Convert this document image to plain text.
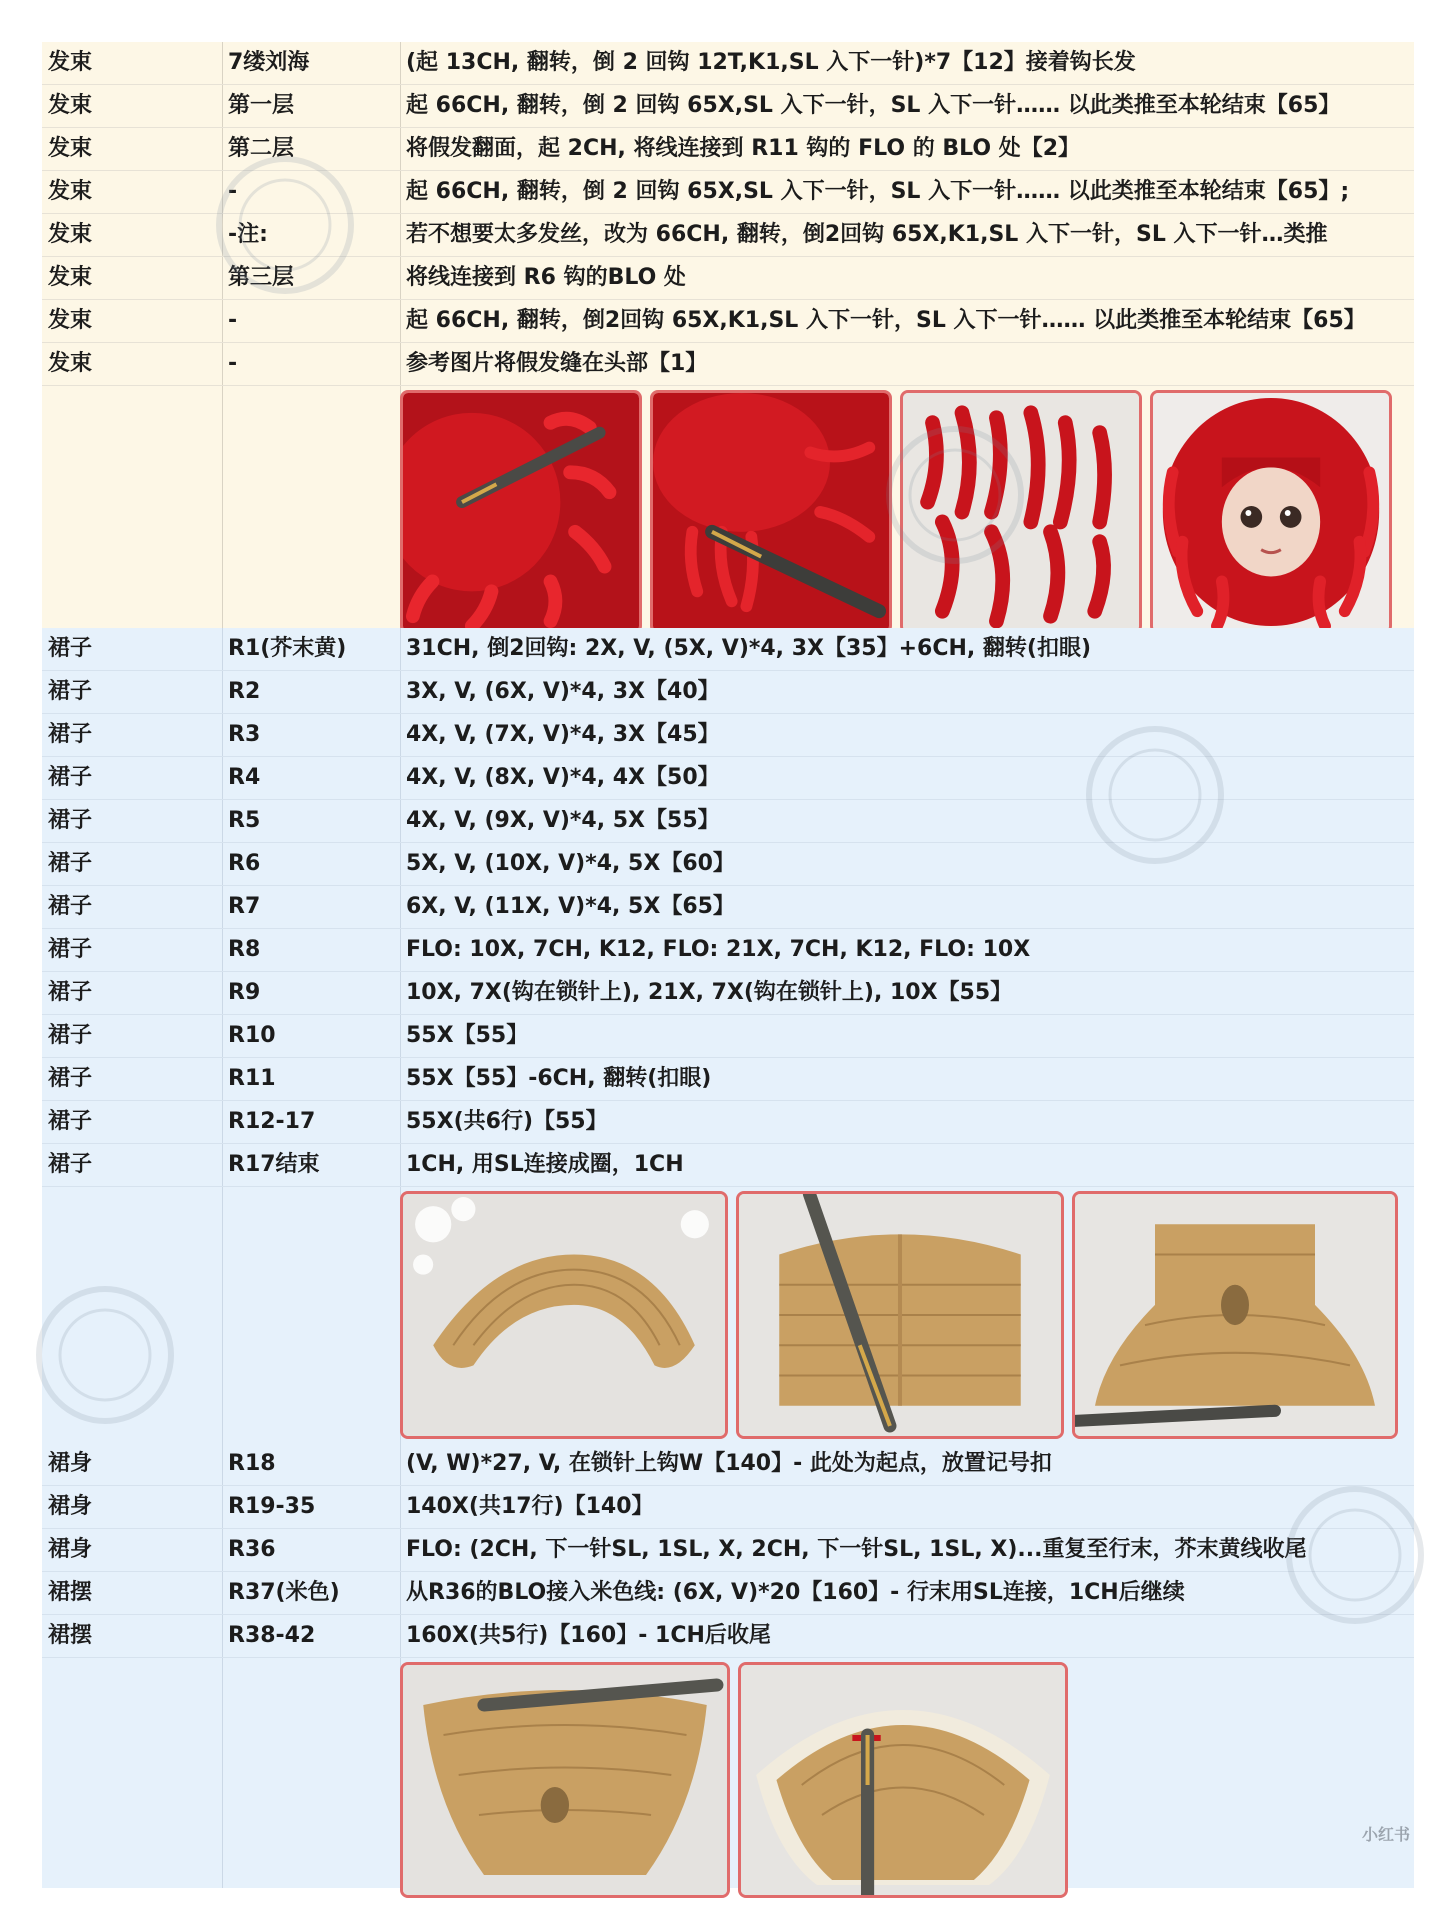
发束	7缕刘海	(起 13CH, 翻转，倒 2 回钩 12T,K1,SL 入下一针)*7【12】接着钩长发
发束	第一层	起 66CH, 翻转，倒 2 回钩 65X,SL 入下一针，SL 入下一针…… 以此类推至本轮结束【65】
发束	第二层	将假发翻面，起 2CH, 将线连接到 R11 钩的 FLO 的 BLO 处【2】
发束	-	起 66CH, 翻转，倒 2 回钩 65X,SL 入下一针，SL 入下一针…… 以此类推至本轮结束【65】;
发束	-注:	若不想要太多发丝，改为 66CH, 翻转，倒2回钩 65X,K1,SL 入下一针，SL 入下一针…类推
发束	第三层	将线连接到 R6 钩的BLO 处
发束	-	起 66CH, 翻转，倒2回钩 65X,K1,SL 入下一针，SL 入下一针…… 以此类推至本轮结束【65】
发束	-	参考图片将假发缝在头部【1】
裙子	R1(芥末黄)	31CH, 倒2回钩: 2X, V, (5X, V)*4, 3X【35】+6CH, 翻转(扣眼)
裙子	R2	3X, V, (6X, V)*4, 3X【40】
裙子	R3	4X, V, (7X, V)*4, 3X【45】
裙子	R4	4X, V, (8X, V)*4, 4X【50】
裙子	R5	4X, V, (9X, V)*4, 5X【55】
裙子	R6	5X, V, (10X, V)*4, 5X【60】
裙子	R7	6X, V, (11X, V)*4, 5X【65】
裙子	R8	FLO: 10X, 7CH, K12, FLO: 21X, 7CH, K12, FLO: 10X
裙子	R9	10X, 7X(钩在锁针上), 21X, 7X(钩在锁针上), 10X【55】
裙子	R10	55X【55】
裙子	R11	55X【55】-6CH, 翻转(扣眼)
裙子	R12-17	55X(共6行)【55】
裙子	R17结束	1CH, 用SL连接成圈，1CH
裙身	R18	(V, W)*27, V, 在锁针上钩W【140】- 此处为起点，放置记号扣
裙身	R19-35	140X(共17行)【140】
裙身	R36	FLO: (2CH, 下一针SL, 1SL, X, 2CH, 下一针SL, 1SL, X)...重复至行末，芥末黄线收尾
裙摆	R37(米色)	从R36的BLO接入米色线: (6X, V)*20【160】- 行末用SL连接，1CH后继续
裙摆	R38-42	160X(共5行)【160】- 1CH后收尾
小红书
